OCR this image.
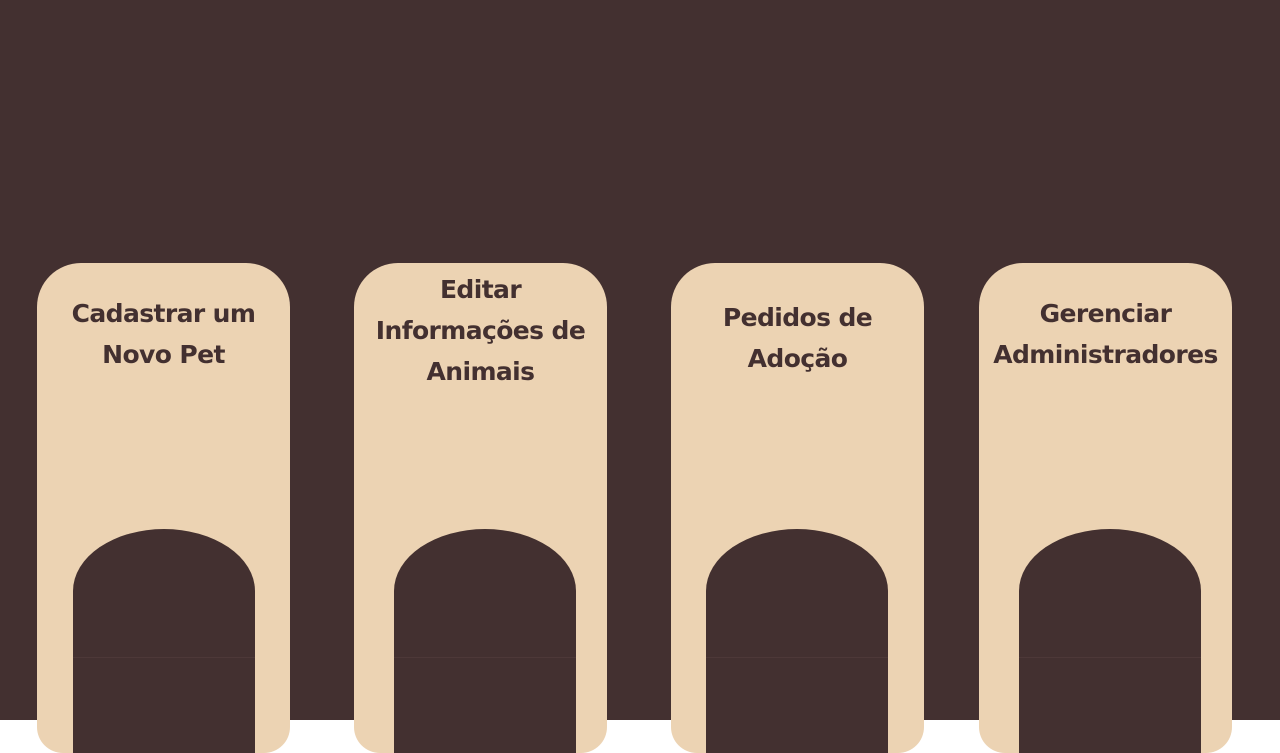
Cadastrar um
Novo Pet
Editar
Informações de
Animais
Pedidos de
Adoção
Gerenciar
Administradores
